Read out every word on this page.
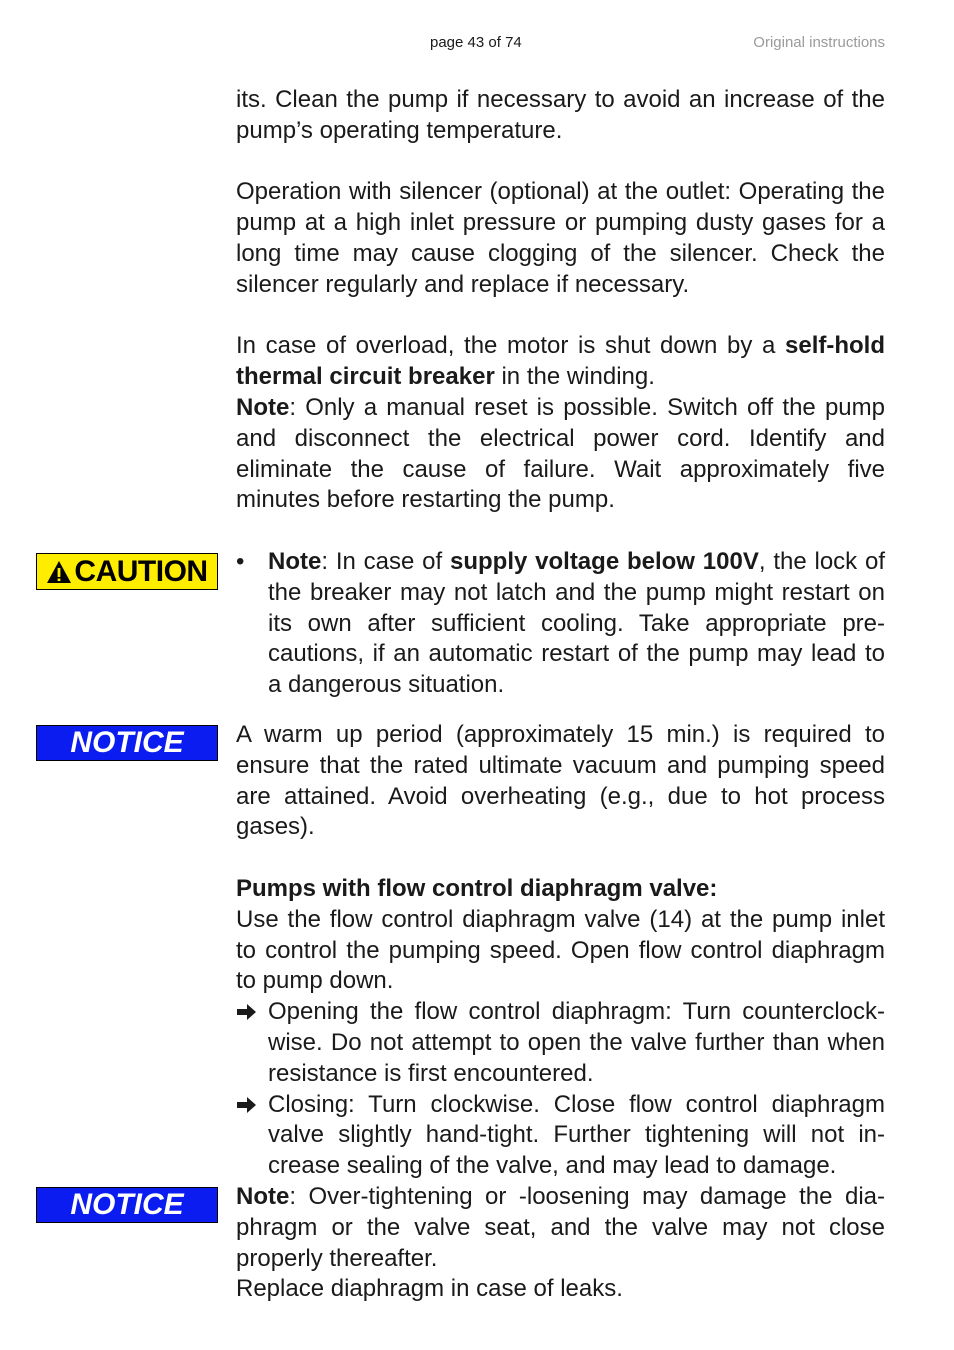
page 43 of 74	Original instructions
CAUTION
NOTICE
NOTICE

its. Clean the pump if necessary to avoid an increase of the pump’s operating temperature.

Operation with silencer (optional) at the outlet: Operating the pump at a high inlet pressure or pumping dusty gases for a long time may cause clogging of the silencer. Check the silencer regularly and replace if necessary.

In case of overload, the motor is shut down by a self-hold thermal circuit breaker in the winding.

Note: Only a manual reset is possible. Switch off the pump and disconnect the electrical power cord. Identify and eliminate the cause of failure. Wait approximately five minutes before restarting the pump.

• Note: In case of supply voltage below 100V, the lock of the breaker may not latch and the pump might restart on its own after sufficient cooling. Take appropriate pre-cautions, if an automatic restart of the pump may lead to a dangerous situation.

A warm up period (approximately 15 min.) is required to ensure that the rated ultimate vacuum and pumping speed are attained. Avoid overheating (e.g., due to hot process gases).

Pumps with flow control diaphragm valve:

Use the flow control diaphragm valve (14) at the pump inlet to control the pumping speed. Open flow control diaphragm to pump down.

Opening the flow control diaphragm: Turn counterclock-wise. Do not attempt to open the valve further than when resistance is first encountered.
Closing: Turn clockwise. Close flow control diaphragm valve slightly hand-tight. Further tightening will not in-crease sealing of the valve, and may lead to damage.

Note: Over-tightening or -loosening may damage the dia-phragm or the valve seat, and the valve may not close properly thereafter.

Replace diaphragm in case of leaks.
